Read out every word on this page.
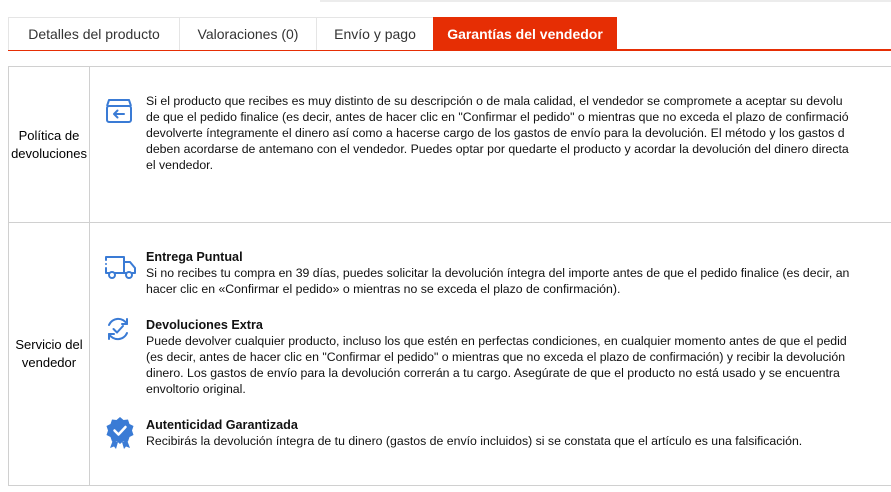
Detalles del producto	Valoraciones (0)	Envío y pago	Garantías del vendedor
Política de devoluciones
Si el producto que recibes es muy distinto de su descripción o de mala calidad, el vendedor se compromete a aceptar su devolu
de que el pedido finalice (es decir, antes de hacer clic en "Confirmar el pedido" o mientras que no exceda el plazo de confirmació
devolverte íntegramente el dinero así como a hacerse cargo de los gastos de envío para la devolución. El método y los gastos d
deben acordarse de antemano con el vendedor. Puedes optar por quedarte el producto y acordar la devolución del dinero directa
el vendedor.
Servicio del vendedor
Entrega Puntual
Si no recibes tu compra en 39 días, puedes solicitar la devolución íntegra del importe antes de que el pedido finalice (es decir, an
hacer clic en «Confirmar el pedido» o mientras no se exceda el plazo de confirmación).
Devoluciones Extra
Puede devolver cualquier producto, incluso los que estén en perfectas condiciones, en cualquier momento antes de que el pedid
(es decir, antes de hacer clic en "Confirmar el pedido" o mientras que no exceda el plazo de confirmación) y recibir la devolución
dinero. Los gastos de envío para la devolución correrán a tu cargo. Asegúrate de que el producto no está usado y se encuentra
envoltorio original.
Autenticidad Garantizada
Recibirás la devolución íntegra de tu dinero (gastos de envío incluidos) si se constata que el artículo es una falsificación.
